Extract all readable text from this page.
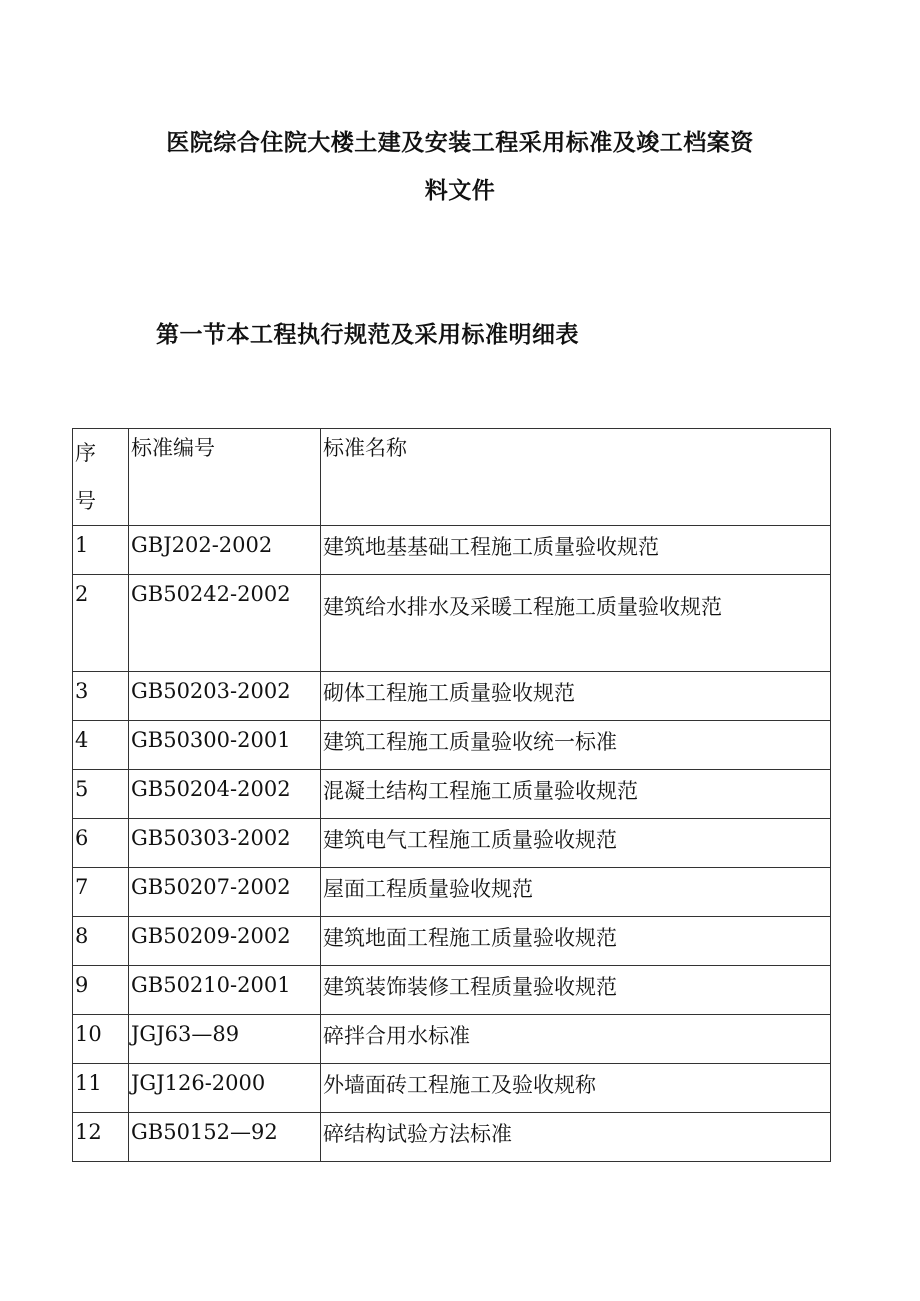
医院综合住院大楼土建及安装工程采用标准及竣工档案资
料文件
第一节本工程执行规范及采用标准明细表
序
号	标准编号	标准名称

1	GBJ202-2002	建筑地基基础工程施工质量验收规范

2	GB50242-2002	建筑给水排水及采暖工程施工质量验收规范

3	GB50203-2002	砌体工程施工质量验收规范

4	GB50300-2001	建筑工程施工质量验收统一标准

5	GB50204-2002	混凝土结构工程施工质量验收规范

6	GB50303-2002	建筑电气工程施工质量验收规范

7	GB50207-2002	屋面工程质量验收规范

8	GB50209-2002	建筑地面工程施工质量验收规范

9	GB50210-2001	建筑装饰装修工程质量验收规范

10	JGJ63—89	碎拌合用水标准

11	JGJ126-2000	外墙面砖工程施工及验收规称

12	GB50152—92	碎结构试验方法标准
